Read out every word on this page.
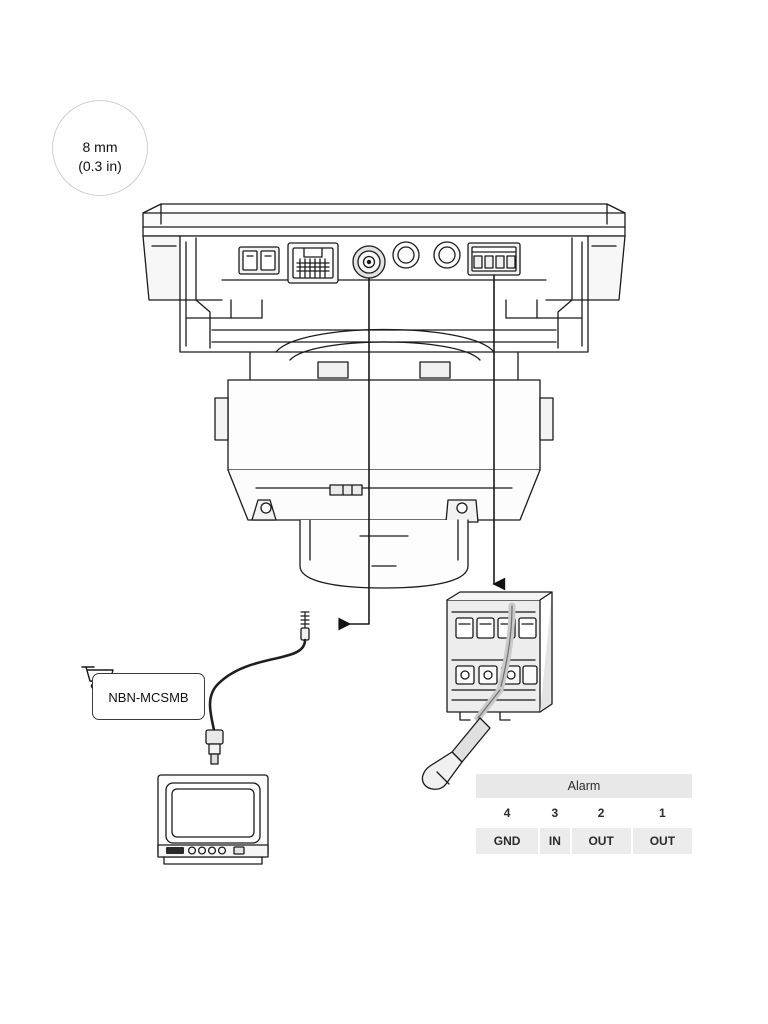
8 mm
(0.3 in)
NBN-MCSMB
Alarm			
4	3	2	1
GND	IN	OUT	OUT
